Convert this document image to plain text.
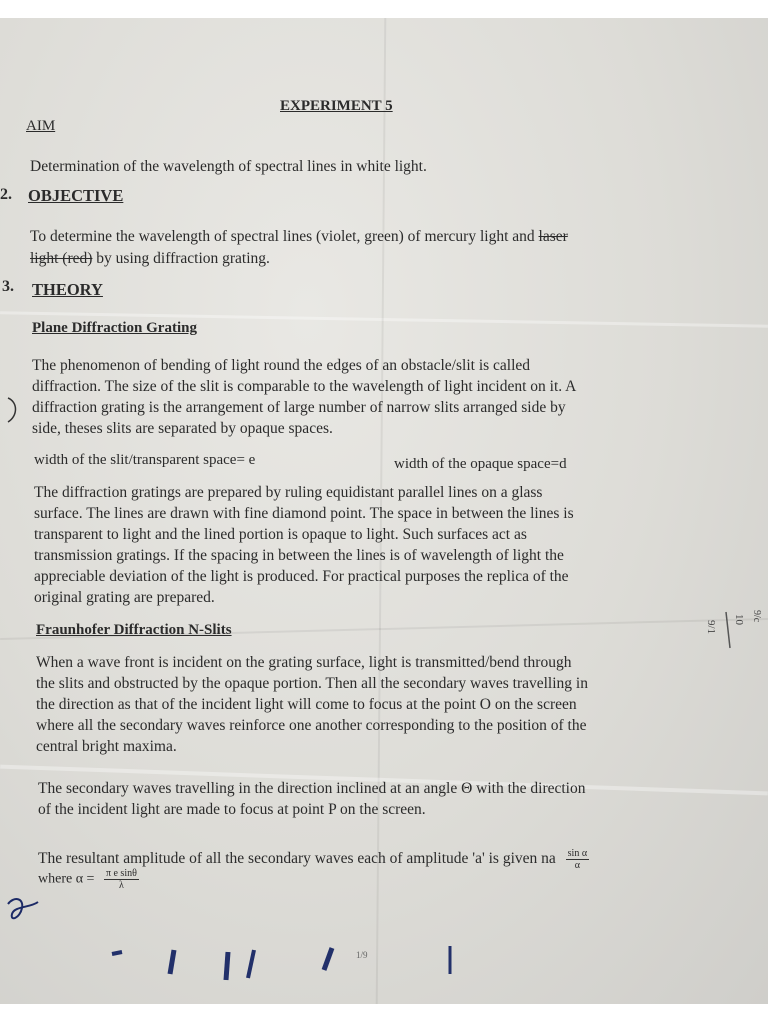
EXPERIMENT 5
AIM
Determination of the wavelength of spectral lines in white light.
2. OBJECTIVE
To determine the wavelength of spectral lines (violet, green) of mercury light and laser
light (red) by using diffraction grating.
3. THEORY
Plane Diffraction Grating
The phenomenon of bending of light round the edges of an obstacle/slit is called
diffraction. The size of the slit is comparable to the wavelength of light incident on it. A
diffraction grating is the arrangement of large number of narrow slits arranged side by
side, theses slits are separated by opaque spaces.
width of the slit/transparent space= e	width of the opaque space=d
The diffraction gratings are prepared by ruling equidistant parallel lines on a glass
surface. The lines are drawn with fine diamond point. The space in between the lines is
transparent to light and the lined portion is opaque to light. Such surfaces act as
transmission gratings. If the spacing in between the lines is of wavelength of light the
appreciable deviation of the light is produced. For practical purposes the replica of the
original grating are prepared.
Fraunhofer Diffraction N-Slits
When a wave front is incident on the grating surface, light is transmitted/bend through
the slits and obstructed by the opaque portion. Then all the secondary waves travelling in
the direction as that of the incident light will come to focus at the point O on the screen
where all the secondary waves reinforce one another corresponding to the position of the
central bright maxima.
The secondary waves travelling in the direction inclined at an angle Θ with the direction
of the incident light are made to focus at point P on the screen.
The resultant amplitude of all the secondary waves each of amplitude 'a' is given na $\frac{\text{sin α}}{\alpha}$
where $\alpha = \frac{\text{π e sinθ}}{\lambda}$
1/9
9/1
10 9/c
